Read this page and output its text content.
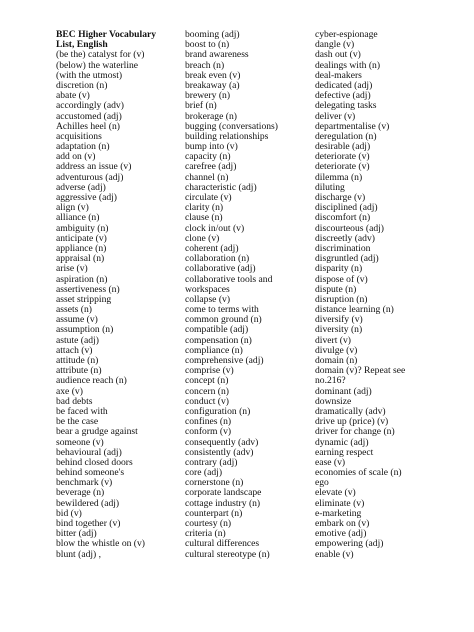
BEC Higher Vocabulary
List, English
(be the) catalyst for (v)
(below) the waterline
(with the utmost)
discretion (n)
abate (v)
accordingly (adv)
accustomed (adj)
Achilles heel (n)
acquisitions
adaptation (n)
add on (v)
address an issue (v)
adventurous (adj)
adverse (adj)
aggressive (adj)
align (v)
alliance (n)
ambiguity (n)
anticipate (v)
appliance (n)
appraisal (n)
arise (v)
aspiration (n)
assertiveness (n)
asset stripping
assets (n)
assume (v)
assumption (n)
astute (adj)
attach (v)
attitude (n)
attribute (n)
audience reach (n)
axe (v)
bad debts
be faced with
be the case
bear a grudge against
someone (v)
behavioural (adj)
behind closed doors
behind someone's
benchmark (v)
beverage (n)
bewildered (adj)
bid (v)
bind together (v)
bitter (adj)
blow the whistle on (v)
blunt (adj) ,
booming (adj)
boost to (n)
brand awareness
breach (n)
break even (v)
breakaway (a)
brewery (n)
brief (n)
brokerage (n)
bugging (conversations)
building relationships
bump into (v)
capacity (n)
carefree (adj)
channel (n)
characteristic (adj)
circulate (v)
clarity (n)
clause (n)
clock in/out (v)
clone (v)
coherent (adj)
collaboration (n)
collaborative (adj)
collaborative tools and
workspaces
collapse (v)
come to terms with
common ground (n)
compatible (adj)
compensation (n)
compliance (n)
comprehensive (adj)
comprise (v)
concept (n)
concern (n)
conduct (v)
configuration (n)
confines (n)
conform (v)
consequently (adv)
consistently (adv)
contrary (adj)
core (adj)
cornerstone (n)
corporate landscape
cottage industry (n)
counterpart (n)
courtesy (n)
criteria (n)
cultural differences
cultural stereotype (n)
cyber-espionage
dangle (v)
dash out (v)
dealings with (n)
deal-makers
dedicated (adj)
defective (adj)
delegating tasks
deliver (v)
departmentalise (v)
deregulation (n)
desirable (adj)
deteriorate (v)
deteriorate (v)
dilemma (n)
diluting
discharge (v)
disciplined (adj)
discomfort (n)
discourteous (adj)
discreetly (adv)
discrimination
disgruntled (adj)
disparity (n)
dispose of (v)
dispute (n)
disruption (n)
distance learning (n)
diversify (v)
diversity (n)
divert (v)
divulge (v)
domain (n)
domain (v)? Repeat see
no.216?
dominant (adj)
downsize
dramatically (adv)
drive up (price) (v)
driver for change (n)
dynamic (adj)
earning respect
ease (v)
economies of scale (n)
ego
elevate (v)
eliminate (v)
e-marketing
embark on (v)
emotive (adj)
empowering (adj)
enable (v)
